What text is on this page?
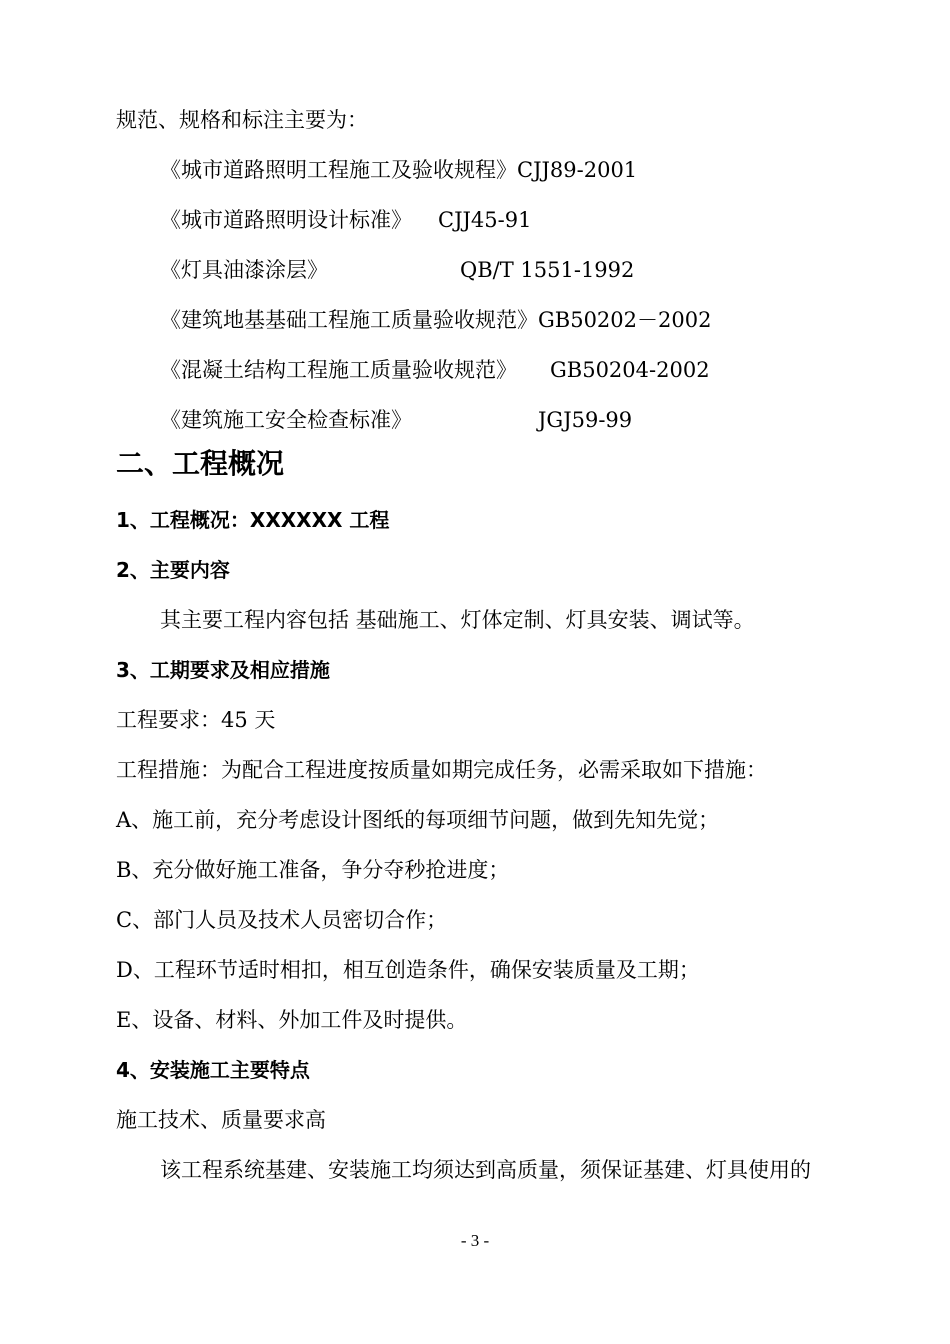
规范、规格和标注主要为：
《城市道路照明工程施工及验收规程》CJJ89-2001
《城市道路照明设计标准》 CJJ45-91
《灯具油漆涂层》	QB/T 1551-1992
《建筑地基基础工程施工质量验收规范》GB50202－2002
《混凝土结构工程施工质量验收规范》 GB50204-2002
《建筑施工安全检查标准》	JGJ59-99
二、工程概况
1、工程概况：XXXXXX 工程
2、主要内容
其主要工程内容包括 基础施工、灯体定制、灯具安装、调试等。
3、工期要求及相应措施
工程要求：45 天
工程措施：为配合工程进度按质量如期完成任务，必需采取如下措施：
A、施工前，充分考虑设计图纸的每项细节问题，做到先知先觉；
B、充分做好施工准备，争分夺秒抢进度；
C、部门人员及技术人员密切合作；
D、工程环节适时相扣，相互创造条件，确保安装质量及工期；
E、设备、材料、外加工件及时提供。
4、安装施工主要特点
施工技术、质量要求高
该工程系统基建、安装施工均须达到高质量，须保证基建、灯具使用的
- 3 -
